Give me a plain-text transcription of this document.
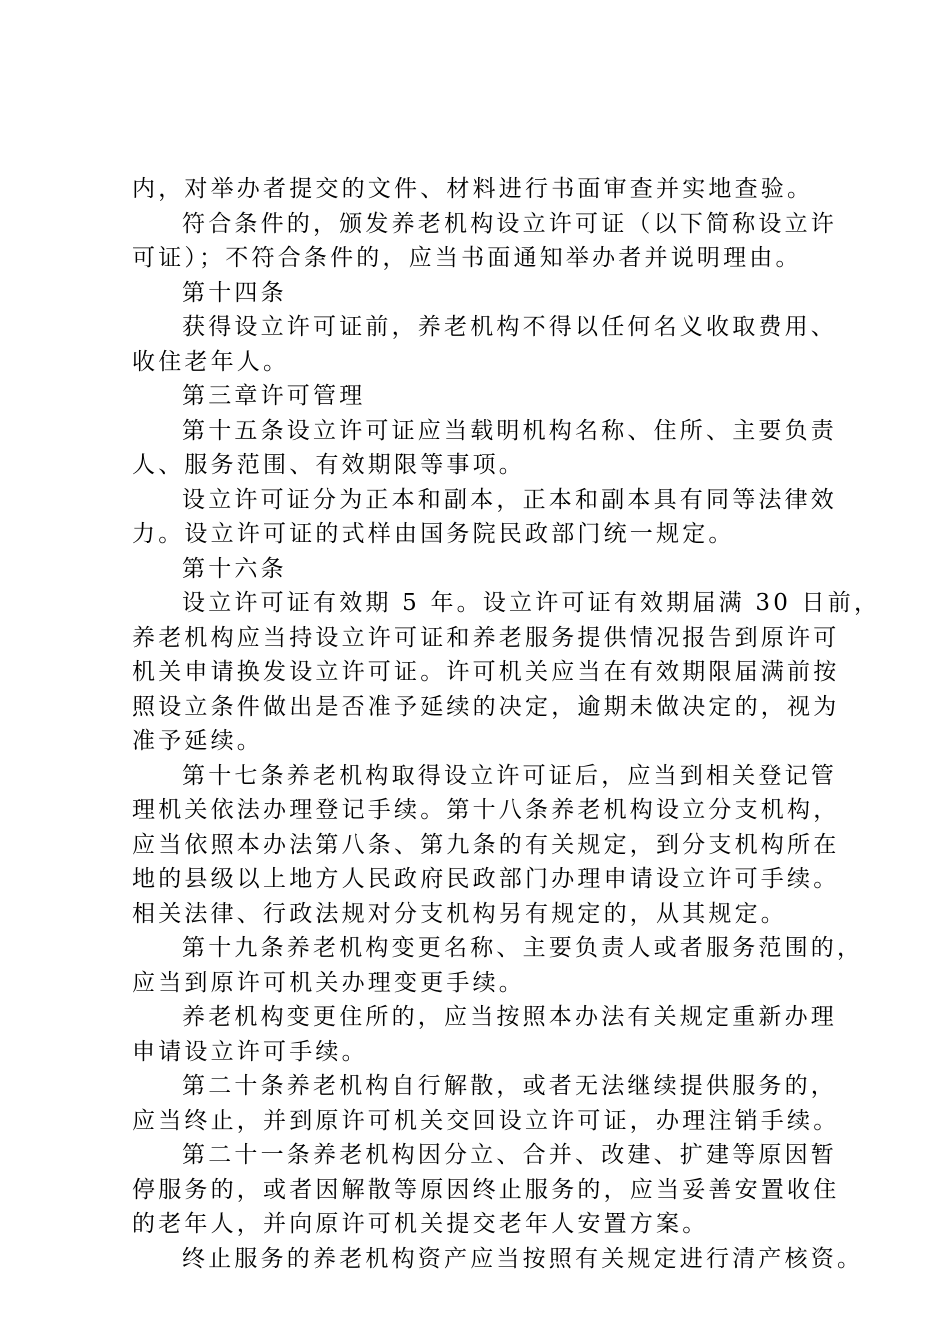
内，对举办者提交的文件、材料进行书面审查并实地查验。
符合条件的，颁发养老机构设立许可证（以下简称设立许
可证）；不符合条件的，应当书面通知举办者并说明理由。
第十四条
获得设立许可证前，养老机构不得以任何名义收取费用、
收住老年人。
第三章许可管理
第十五条设立许可证应当载明机构名称、住所、主要负责
人、服务范围、有效期限等事项。
设立许可证分为正本和副本，正本和副本具有同等法律效
力。设立许可证的式样由国务院民政部门统一规定。
第十六条
设立许可证有效期 5 年。设立许可证有效期届满 30 日前，
养老机构应当持设立许可证和养老服务提供情况报告到原许可
机关申请换发设立许可证。许可机关应当在有效期限届满前按
照设立条件做出是否准予延续的决定，逾期未做决定的，视为
准予延续。
第十七条养老机构取得设立许可证后，应当到相关登记管
理机关依法办理登记手续。第十八条养老机构设立分支机构，
应当依照本办法第八条、第九条的有关规定，到分支机构所在
地的县级以上地方人民政府民政部门办理申请设立许可手续。
相关法律、行政法规对分支机构另有规定的，从其规定。
第十九条养老机构变更名称、主要负责人或者服务范围的，
应当到原许可机关办理变更手续。
养老机构变更住所的，应当按照本办法有关规定重新办理
申请设立许可手续。
第二十条养老机构自行解散，或者无法继续提供服务的，
应当终止，并到原许可机关交回设立许可证，办理注销手续。
第二十一条养老机构因分立、合并、改建、扩建等原因暂
停服务的，或者因解散等原因终止服务的，应当妥善安置收住
的老年人，并向原许可机关提交老年人安置方案。
终止服务的养老机构资产应当按照有关规定进行清产核资。
